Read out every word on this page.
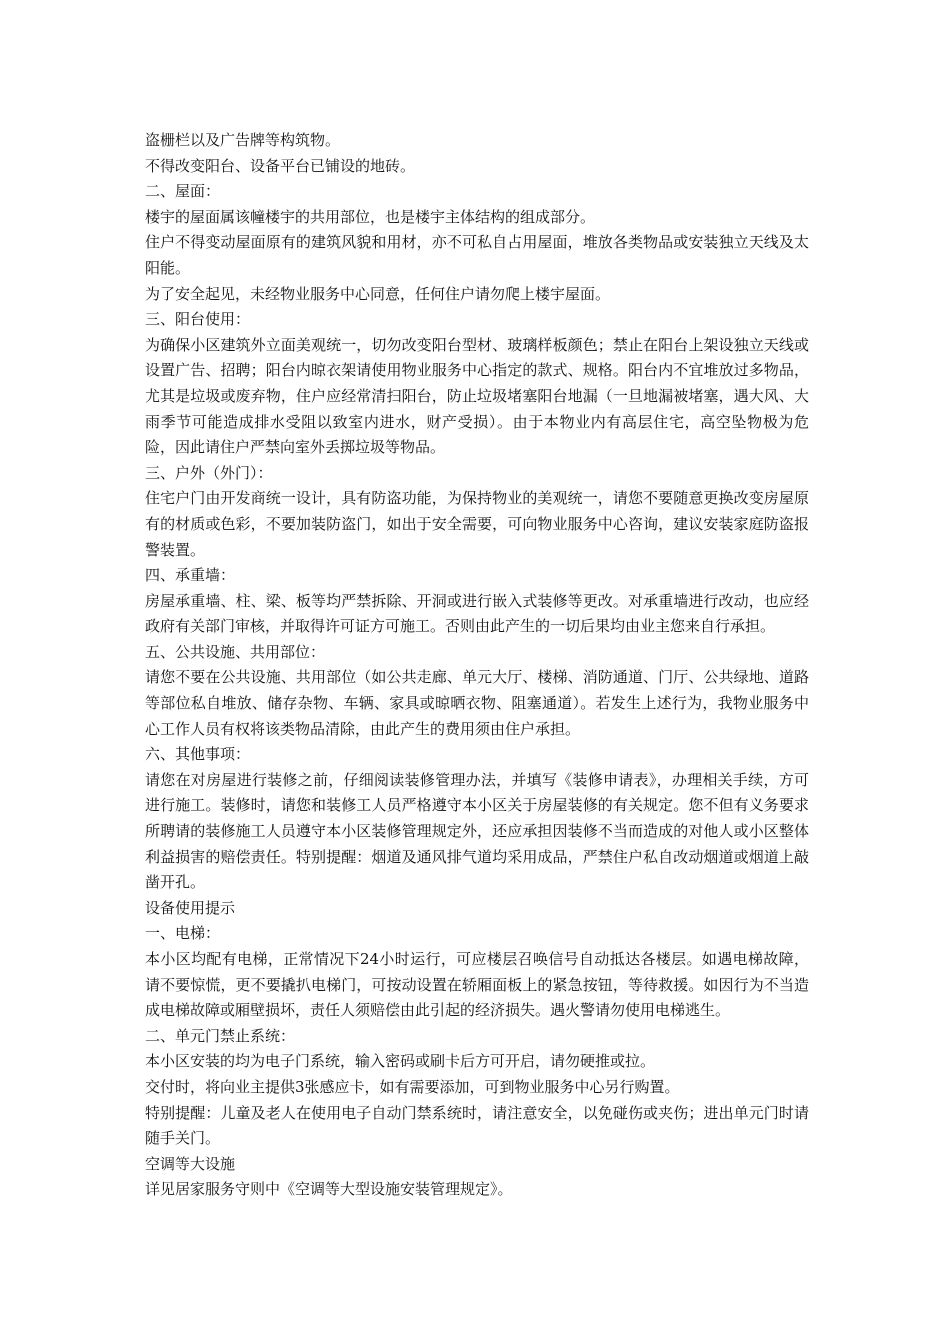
盗栅栏以及广告牌等构筑物。

不得改变阳台、设备平台已铺设的地砖。

二、屋面：

楼宇的屋面属该幢楼宇的共用部位，也是楼宇主体结构的组成部分。

住户不得变动屋面原有的建筑风貌和用材，亦不可私自占用屋面，堆放各类物品或安装独立天线及太阳能。

为了安全起见，未经物业服务中心同意，任何住户请勿爬上楼宇屋面。

三、阳台使用：

为确保小区建筑外立面美观统一，切勿改变阳台型材、玻璃样板颜色；禁止在阳台上架设独立天线或设置广告、招聘；阳台内晾衣架请使用物业服务中心指定的款式、规格。阳台内不宜堆放过多物品，尤其是垃圾或废弃物，住户应经常清扫阳台，防止垃圾堵塞阳台地漏（一旦地漏被堵塞，遇大风、大雨季节可能造成排水受阻以致室内进水，财产受损）。由于本物业内有高层住宅，高空坠物极为危险，因此请住户严禁向室外丢掷垃圾等物品。

三、户外（外门）：

住宅户门由开发商统一设计，具有防盗功能，为保持物业的美观统一，请您不要随意更换改变房屋原有的材质或色彩，不要加装防盗门，如出于安全需要，可向物业服务中心咨询，建议安装家庭防盗报警装置。

四、承重墙：

房屋承重墙、柱、梁、板等均严禁拆除、开洞或进行嵌入式装修等更改。对承重墙进行改动，也应经政府有关部门审核，并取得许可证方可施工。否则由此产生的一切后果均由业主您来自行承担。

五、公共设施、共用部位：

请您不要在公共设施、共用部位（如公共走廊、单元大厅、楼梯、消防通道、门厅、公共绿地、道路等部位私自堆放、储存杂物、车辆、家具或晾晒衣物、阻塞通道）。若发生上述行为，我物业服务中心工作人员有权将该类物品清除，由此产生的费用须由住户承担。

六、其他事项：

请您在对房屋进行装修之前，仔细阅读装修管理办法，并填写《装修申请表》，办理相关手续，方可进行施工。装修时，请您和装修工人员严格遵守本小区关于房屋装修的有关规定。您不但有义务要求所聘请的装修施工人员遵守本小区装修管理规定外，还应承担因装修不当而造成的对他人或小区整体利益损害的赔偿责任。特别提醒：烟道及通风排气道均采用成品，严禁住户私自改动烟道或烟道上敲凿开孔。

设备使用提示

一、电梯：

本小区均配有电梯，正常情况下24小时运行，可应楼层召唤信号自动抵达各楼层。如遇电梯故障，请不要惊慌，更不要撬扒电梯门，可按动设置在轿厢面板上的紧急按钮，等待救援。如因行为不当造成电梯故障或厢壁损坏，责任人须赔偿由此引起的经济损失。遇火警请勿使用电梯逃生。

二、单元门禁止系统：

本小区安装的均为电子门系统，输入密码或刷卡后方可开启，请勿硬推或拉。

交付时，将向业主提供3张感应卡，如有需要添加，可到物业服务中心另行购置。

特别提醒：儿童及老人在使用电子自动门禁系统时，请注意安全，以免碰伤或夹伤；进出单元门时请随手关门。

空调等大设施

详见居家服务守则中《空调等大型设施安装管理规定》。
